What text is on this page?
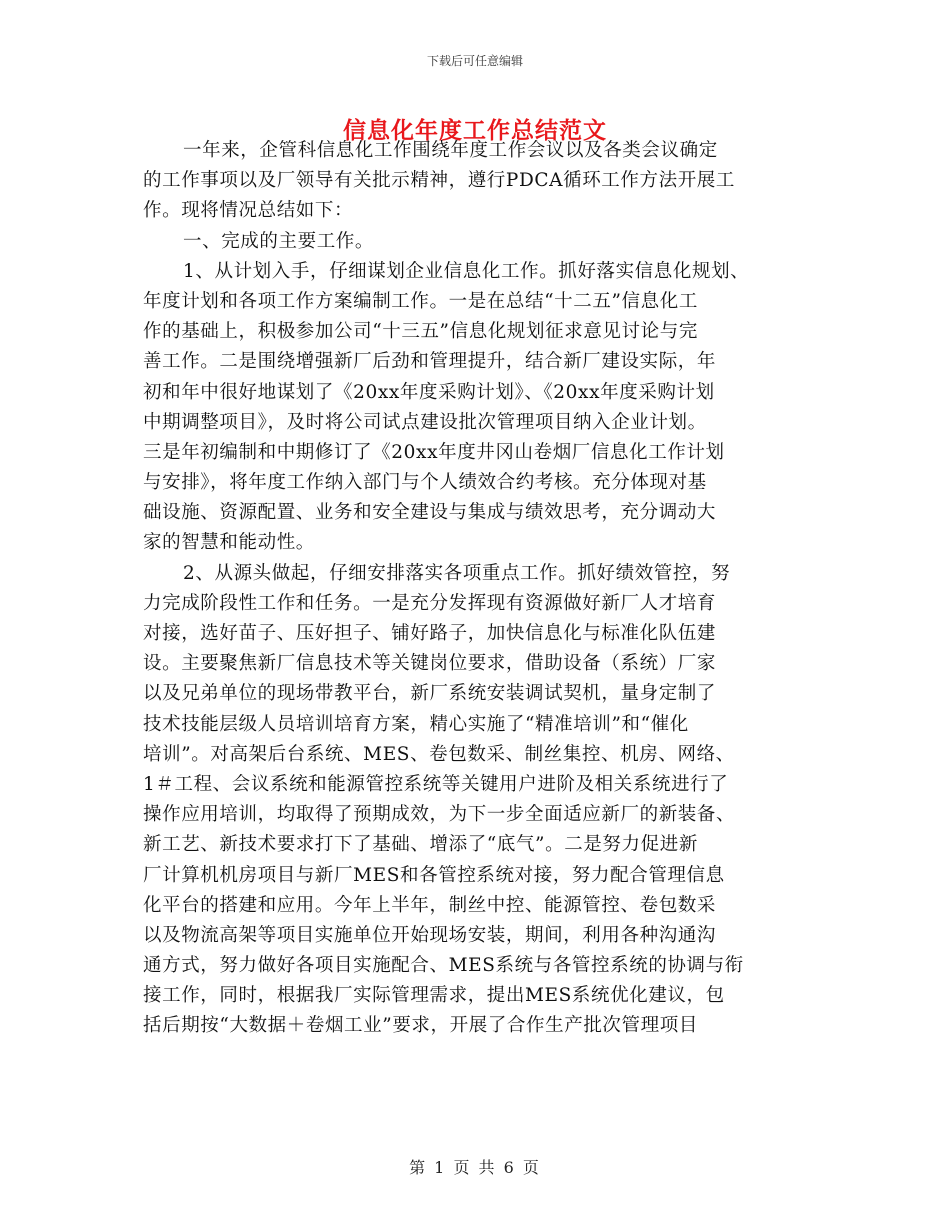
下载后可任意编辑
信息化年度工作总结范文
一年来，企管科信息化工作围绕年度工作会议以及各类会议确定
的工作事项以及厂领导有关批示精神，遵行PDCA循环工作方法开展工
作。现将情况总结如下：
一、完成的主要工作。
1、从计划入手，仔细谋划企业信息化工作。抓好落实信息化规划、
年度计划和各项工作方案编制工作。一是在总结“十二五”信息化工
作的基础上，积极参加公司“十三五”信息化规划征求意见讨论与完
善工作。二是围绕增强新厂后劲和管理提升，结合新厂建设实际，年
初和年中很好地谋划了《20xx年度采购计划》、《20xx年度采购计划
中期调整项目》，及时将公司试点建设批次管理项目纳入企业计划。
三是年初编制和中期修订了《20xx年度井冈山卷烟厂信息化工作计划
与安排》，将年度工作纳入部门与个人绩效合约考核。充分体现对基
础设施、资源配置、业务和安全建设与集成与绩效思考，充分调动大
家的智慧和能动性。
2、从源头做起，仔细安排落实各项重点工作。抓好绩效管控，努
力完成阶段性工作和任务。一是充分发挥现有资源做好新厂人才培育
对接，选好苗子、压好担子、铺好路子，加快信息化与标准化队伍建
设。主要聚焦新厂信息技术等关键岗位要求，借助设备（系统）厂家
以及兄弟单位的现场带教平台，新厂系统安装调试契机，量身定制了
技术技能层级人员培训培育方案，精心实施了“精准培训”和“催化
培训”。对高架后台系统、MES、卷包数采、制丝集控、机房、网络、
1＃工程、会议系统和能源管控系统等关键用户进阶及相关系统进行了
操作应用培训，均取得了预期成效，为下一步全面适应新厂的新装备、
新工艺、新技术要求打下了基础、增添了“底气”。二是努力促进新
厂计算机机房项目与新厂MES和各管控系统对接，努力配合管理信息
化平台的搭建和应用。今年上半年，制丝中控、能源管控、卷包数采
以及物流高架等项目实施单位开始现场安装，期间，利用各种沟通沟
通方式，努力做好各项目实施配合、MES系统与各管控系统的协调与衔
接工作，同时，根据我厂实际管理需求，提出MES系统优化建议，包
括后期按“大数据＋卷烟工业”要求，开展了合作生产批次管理项目
第 1 页 共 6 页
